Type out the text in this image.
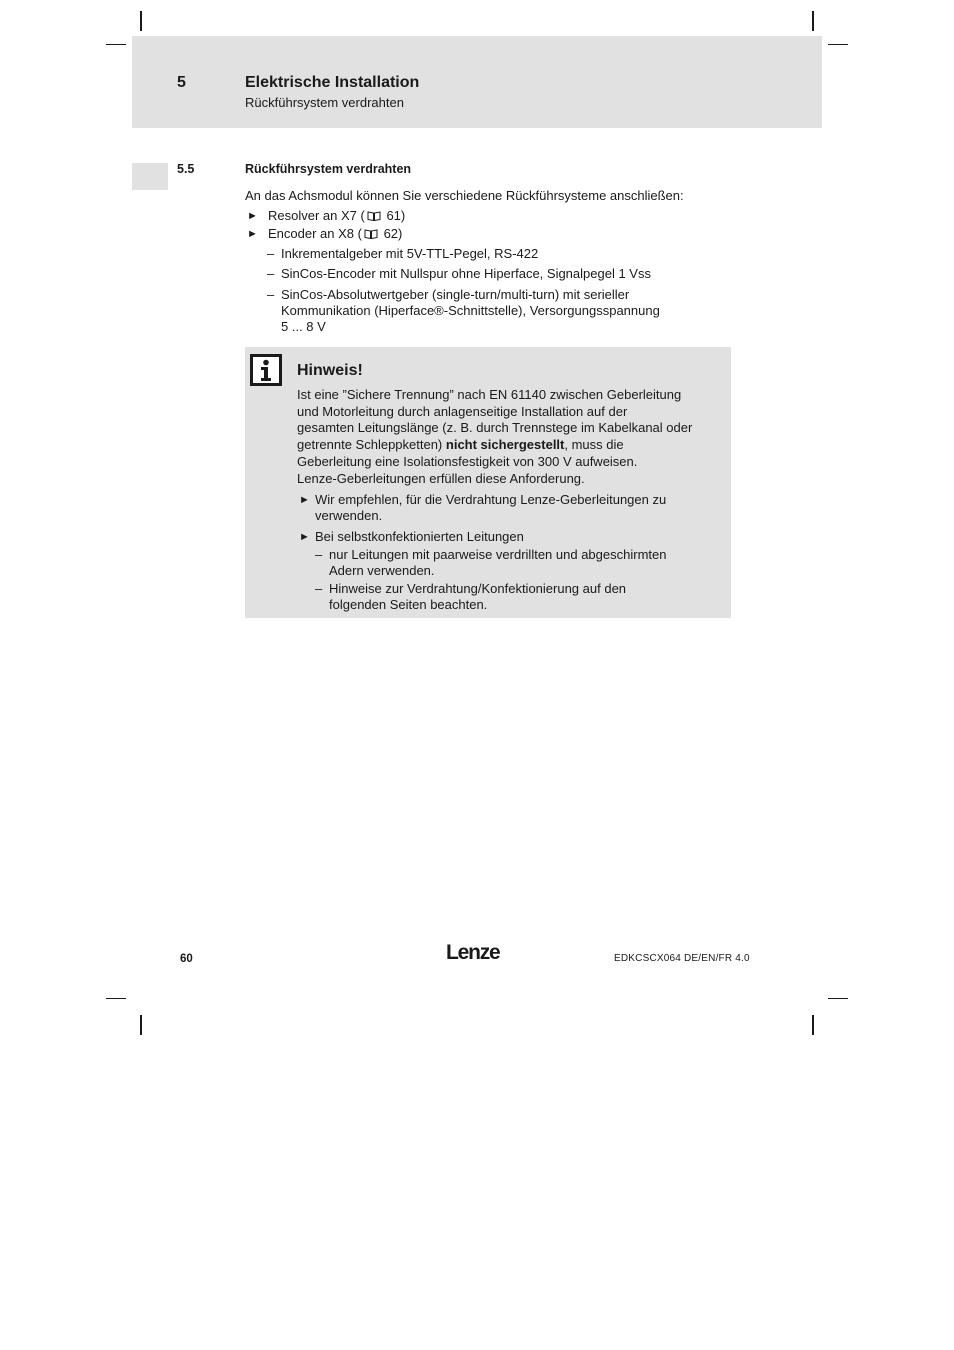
5	Elektrische Installation
Rückführsystem verdrahten
5.5	Rückführsystem verdrahten
An das Achsmodul können Sie verschiedene Rückführsysteme anschließen:
► Resolver an X7 ( 61)
► Encoder an X8 ( 62)
– Inkrementalgeber mit 5V-TTL-Pegel, RS-422
– SinCos-Encoder mit Nullspur ohne Hiperface, Signalpegel 1 Vss
– SinCos-Absolutwertgeber (single-turn/multi-turn) mit serieller
Kommunikation (Hiperface®-Schnittstelle), Versorgungsspannung
5 ... 8 V
Hinweis!
Ist eine ”Sichere Trennung” nach EN 61140 zwischen Geberleitung
und Motorleitung durch anlagenseitige Installation auf der
gesamten Leitungslänge (z. B. durch Trennstege im Kabelkanal oder
getrennte Schleppketten) nicht sichergestellt, muss die
Geberleitung eine Isolationsfestigkeit von 300 V aufweisen.
Lenze-Geberleitungen erfüllen diese Anforderung.
► Wir empfehlen, für die Verdrahtung Lenze-Geberleitungen zu
verwenden.
► Bei selbstkonfektionierten Leitungen
– nur Leitungen mit paarweise verdrillten und abgeschirmten
Adern verwenden.
– Hinweise zur Verdrahtung/Konfektionierung auf den
folgenden Seiten beachten.
60	Lenze	EDKCSCX064 DE/EN/FR 4.0
